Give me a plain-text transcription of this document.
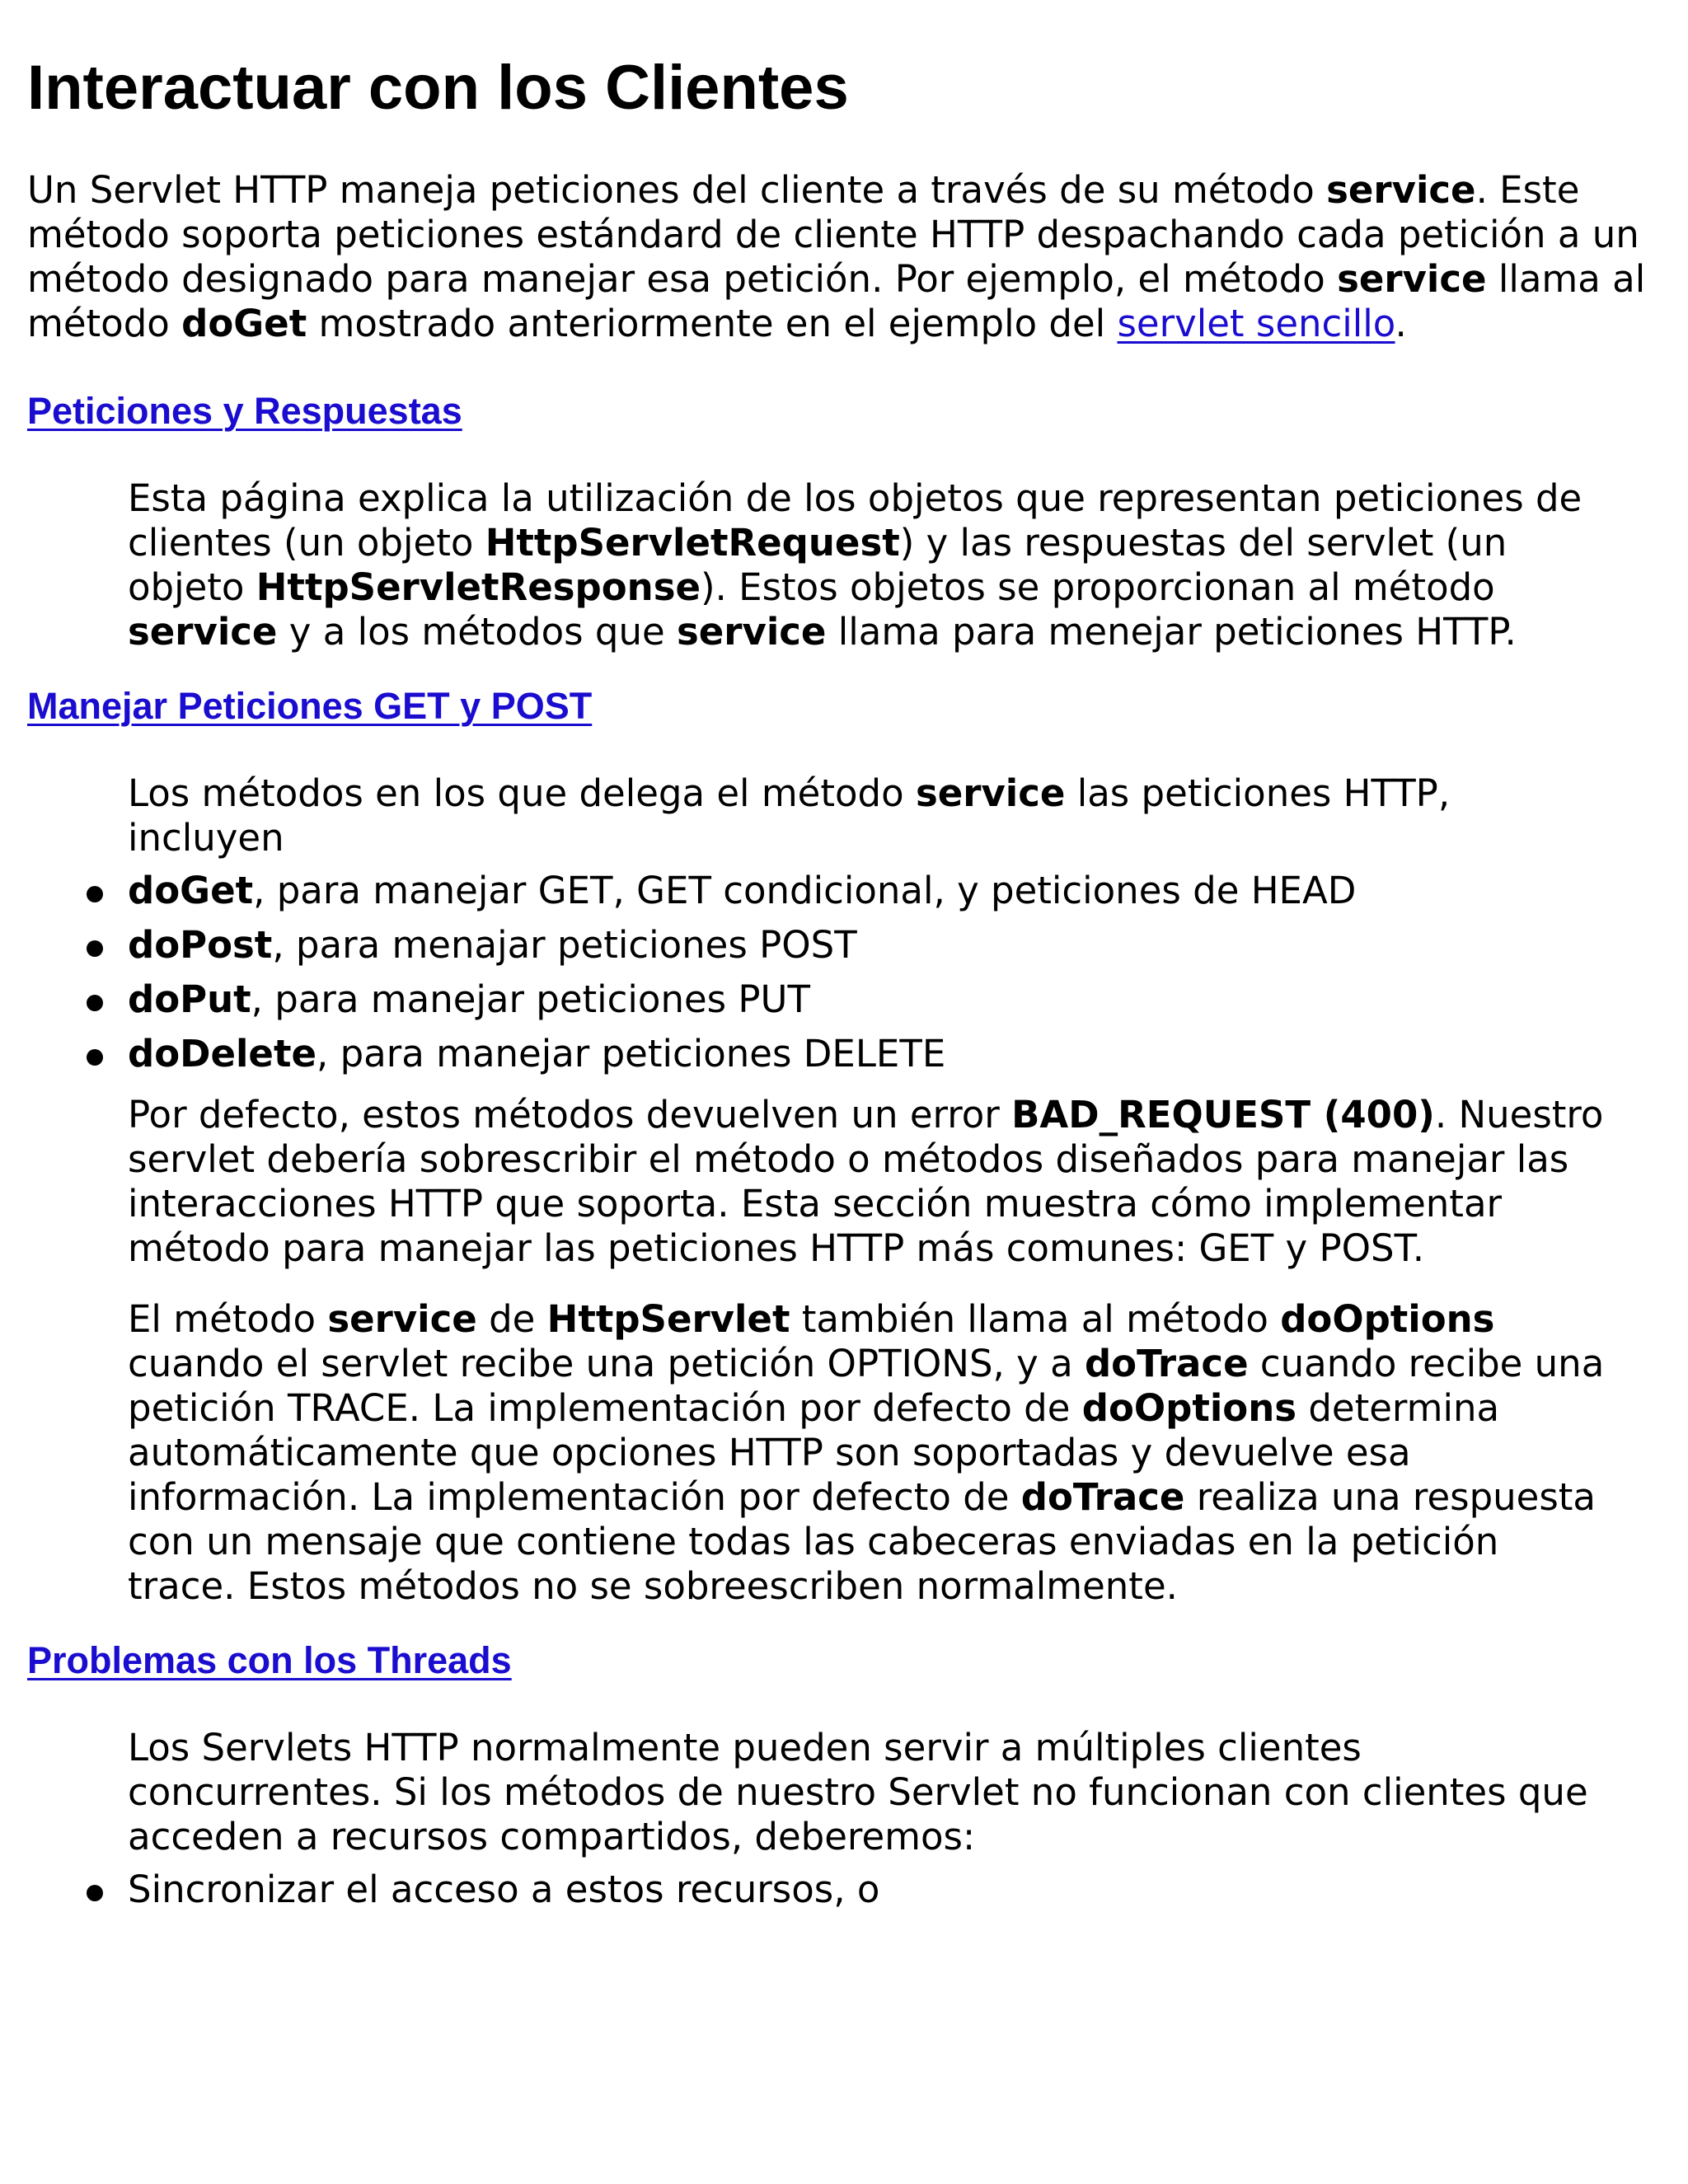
Interactuar con los Clientes

Un Servlet HTTP maneja peticiones del cliente a través de su método service. Este método soporta peticiones estándard de cliente HTTP despachando cada petición a un método designado para manejar esa petición. Por ejemplo, el método service llama al método doGet mostrado anteriormente en el ejemplo del servlet sencillo.

Peticiones y Respuestas

Esta página explica la utilización de los objetos que representan peticiones de clientes (un objeto HttpServletRequest) y las respuestas del servlet (un objeto HttpServletResponse). Estos objetos se proporcionan al método service y a los métodos que service llama para menejar peticiones HTTP.

Manejar Peticiones GET y POST

Los métodos en los que delega el método service las peticiones HTTP, incluyen

doGet, para manejar GET, GET condicional, y peticiones de HEAD
doPost, para menajar peticiones POST
doPut, para manejar peticiones PUT
doDelete, para manejar peticiones DELETE

Por defecto, estos métodos devuelven un error BAD_REQUEST (400). Nuestro servlet debería sobrescribir el método o métodos diseñados para manejar las interacciones HTTP que soporta. Esta sección muestra cómo implementar método para manejar las peticiones HTTP más comunes: GET y POST.

El método service de HttpServlet también llama al método doOptions cuando el servlet recibe una petición OPTIONS, y a doTrace cuando recibe una petición TRACE. La implementación por defecto de doOptions determina automáticamente que opciones HTTP son soportadas y devuelve esa información. La implementación por defecto de doTrace realiza una respuesta con un mensaje que contiene todas las cabeceras enviadas en la petición trace. Estos métodos no se sobreescriben normalmente.

Problemas con los Threads

Los Servlets HTTP normalmente pueden servir a múltiples clientes concurrentes. Si los métodos de nuestro Servlet no funcionan con clientes que acceden a recursos compartidos, deberemos:

Sincronizar el acceso a estos recursos, o
